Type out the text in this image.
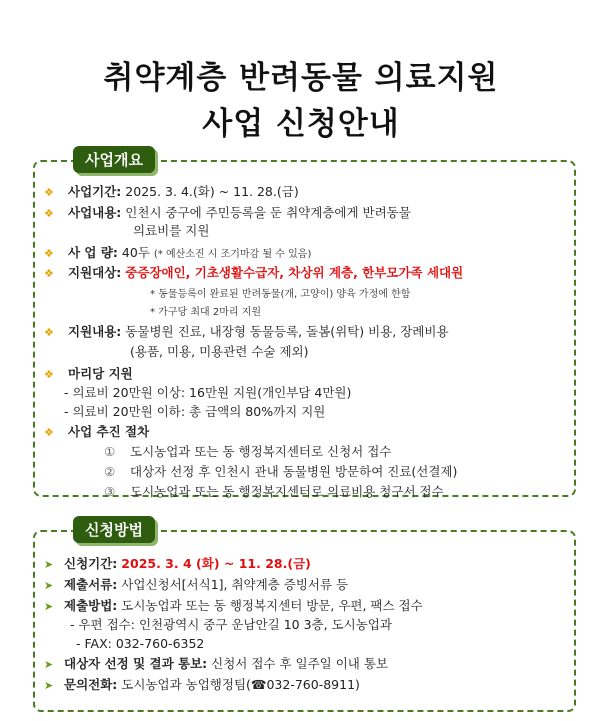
취약계층 반려동물 의료지원
사업 신청안내
사업개요
❖ 사업기간: 2025. 3. 4.(화) ~ 11. 28.(금)
❖ 사업내용: 인천시 중구에 주민등록을 둔 취약계층에게 반려동물
의료비를 지원
❖ 사 업 량: 40두 (* 예산소진 시 조기마감 될 수 있음)
❖ 지원대상: 중증장애인, 기초생활수급자, 차상위 계층, 한부모가족 세대원
* 동물등록이 완료된 반려동물(개, 고양이) 양육 가정에 한함
* 가구당 최대 2마리 지원
❖ 지원내용: 동물병원 진료, 내장형 동물등록, 돌봄(위탁) 비용, 장례비용
(용품, 미용, 미용관련 수술 제외)
❖ 마리당 지원
- 의료비 20만원 이상: 16만원 지원(개인부담 4만원)
- 의료비 20만원 이하: 총 금액의 80%까지 지원
❖ 사업 추진 절차
① 도시농업과 또는 동 행정복지센터로 신청서 접수
② 대상자 선정 후 인천시 관내 동물병원 방문하여 진료(선결제)
③ 도시농업과 또는 동 행정복지센터로 의료비용 청구서 접수
신청방법
➤ 신청기간: 2025. 3. 4 (화) ~ 11. 28.(금)
➤ 제출서류: 사업신청서[서식1], 취약계층 증빙서류 등
➤ 제출방법: 도시농업과 또는 동 행정복지센터 방문, 우편, 팩스 접수
- 우편 접수: 인천광역시 중구 운남안길 10 3층, 도시농업과
- FAX: 032-760-6352
➤ 대상자 선정 및 결과 통보: 신청서 접수 후 일주일 이내 통보
➤ 문의전화: 도시농업과 농업행정팀(☎032-760-8911)
